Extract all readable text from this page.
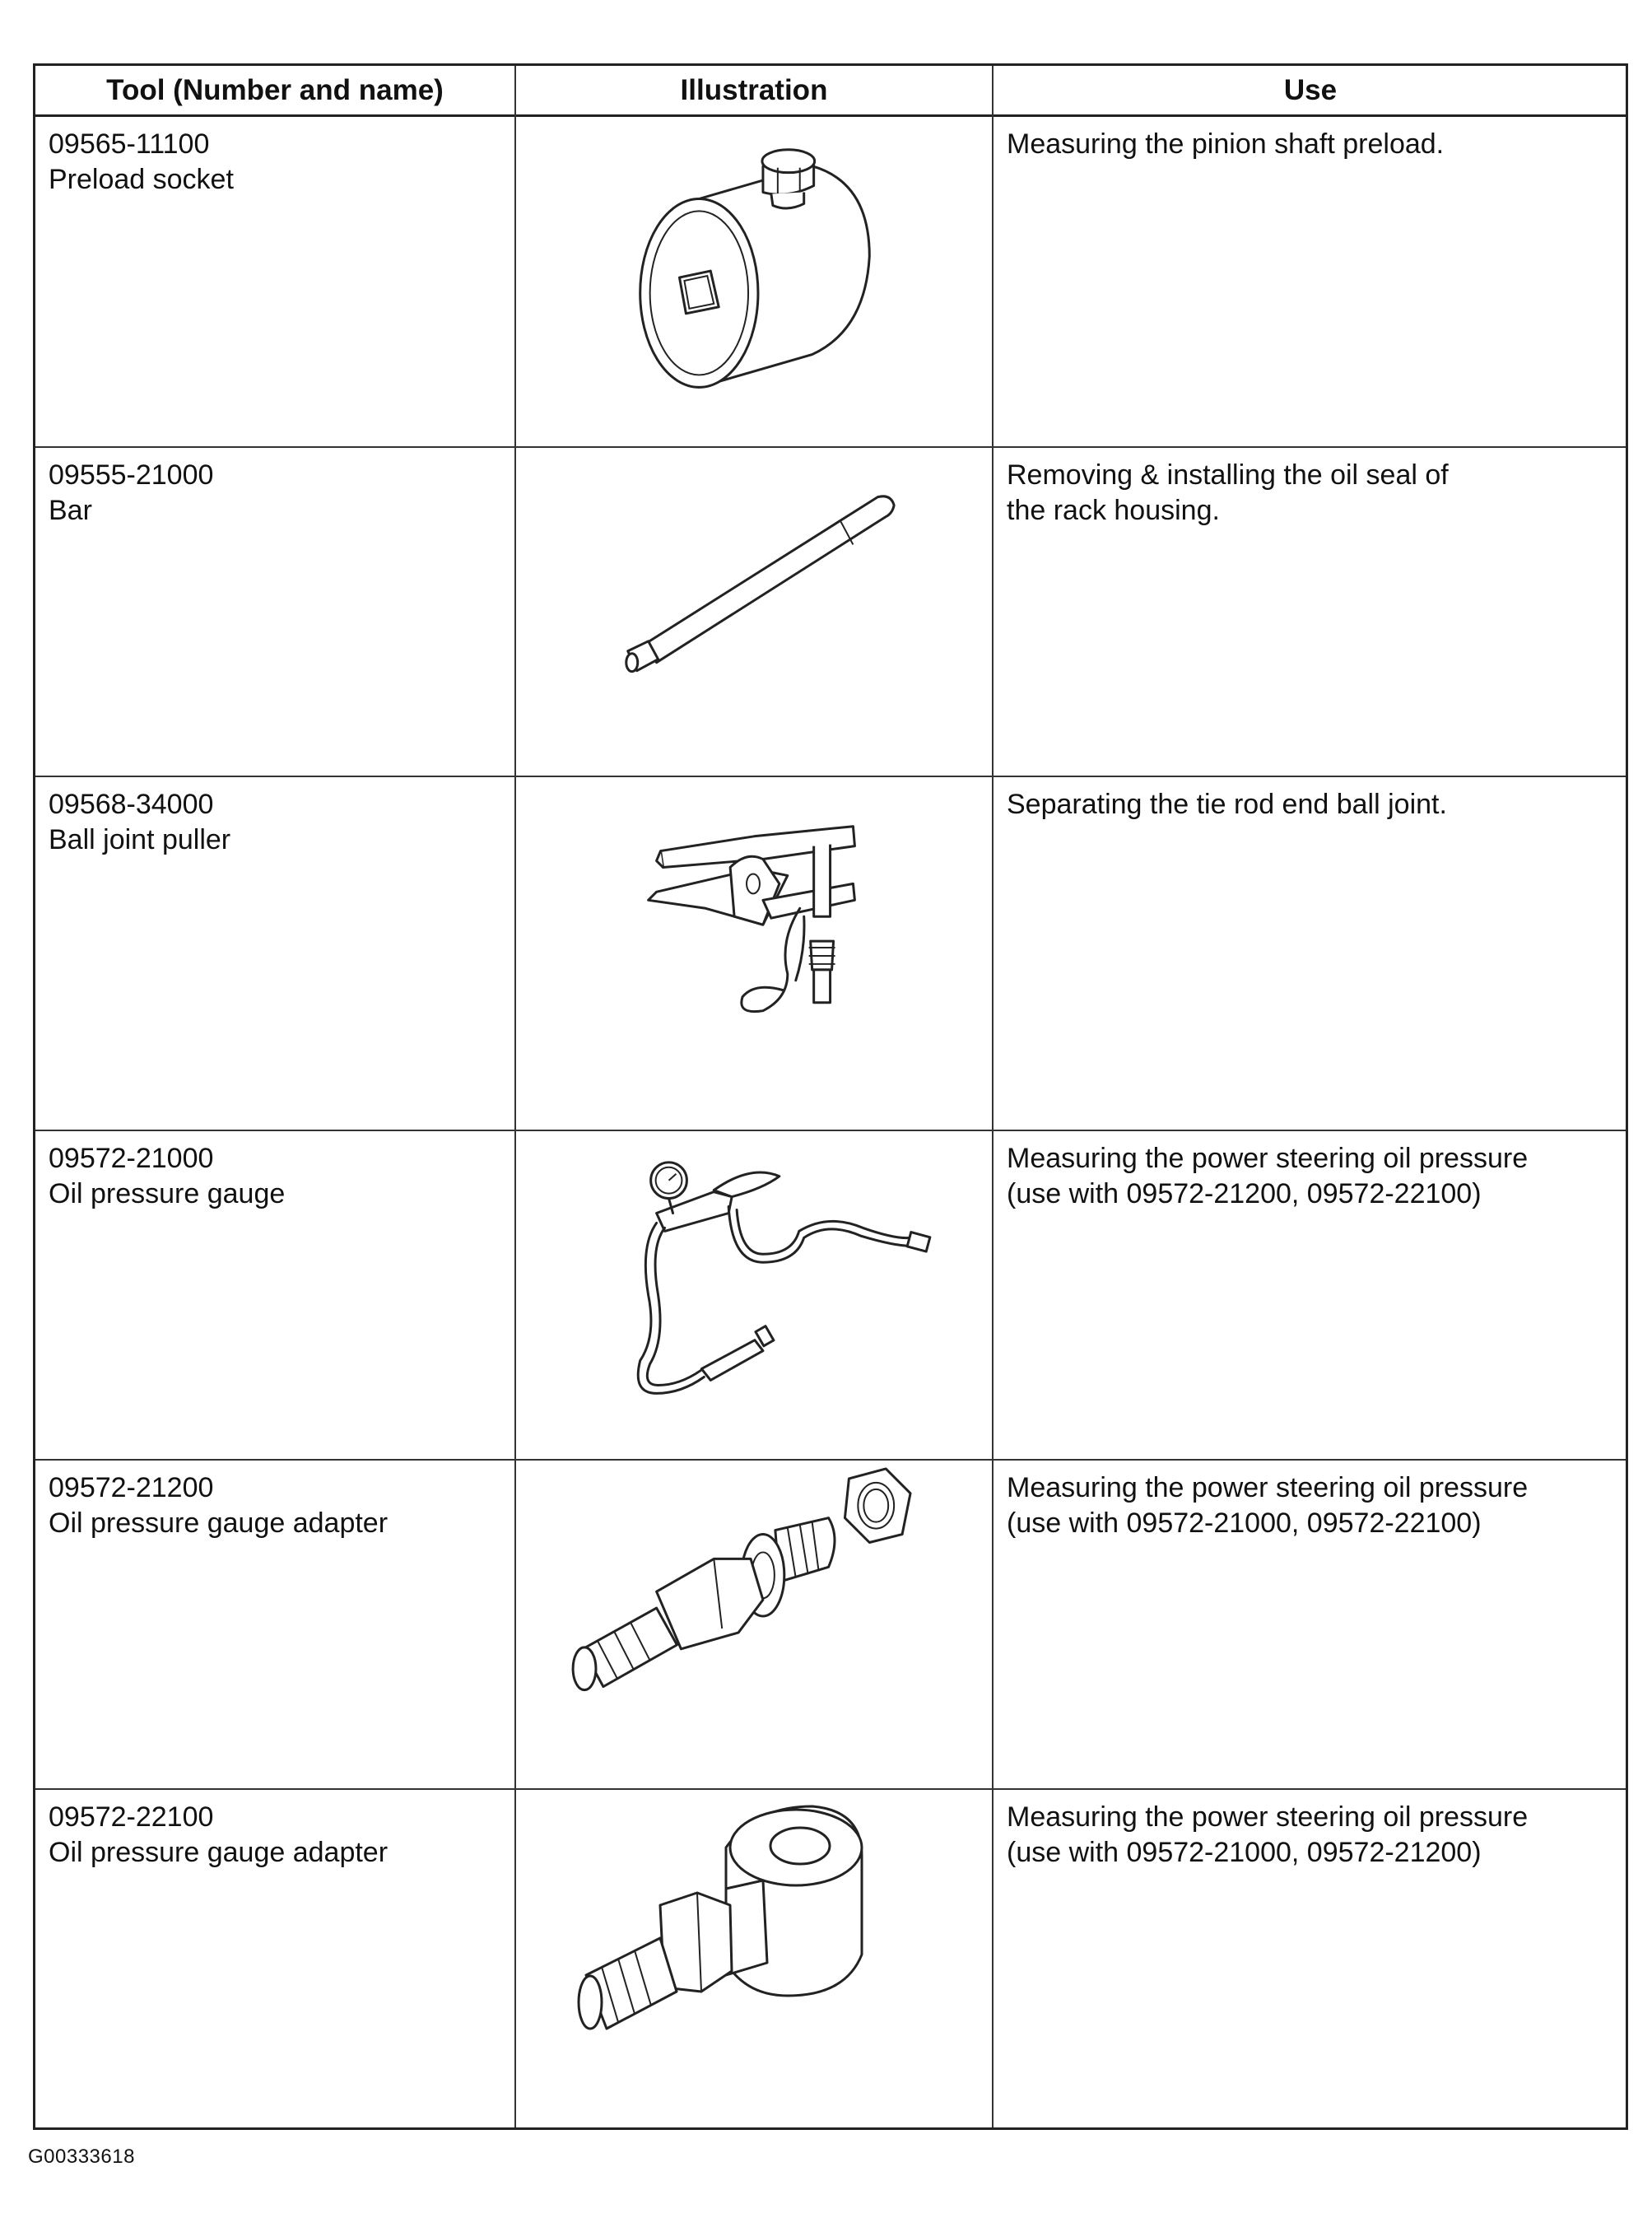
Tool (Number and name)	Illustration	Use
09565-11100
Preload socket
Measuring the pinion shaft preload.
09555-21000
Bar
Removing & installing the oil seal of
the rack housing.
09568-34000
Ball joint puller
Separating the tie rod end ball joint.
09572-21000
Oil pressure gauge
Measuring the power steering oil pressure
(use with 09572-21200, 09572-22100)
09572-21200
Oil pressure gauge adapter
Measuring the power steering oil pressure
(use with 09572-21000, 09572-22100)
09572-22100
Oil pressure gauge adapter
Measuring the power steering oil pressure
(use with 09572-21000, 09572-21200)
G00333618
